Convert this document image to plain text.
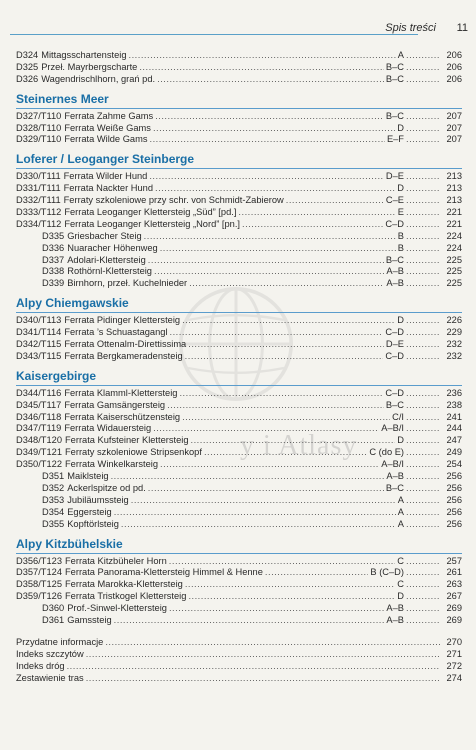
Spis treści 11
y i Atlasy
D324 Mittagsschartensteig .....	A .....	206
D325 Przeł. Mayrbergscharte .....	B–C .....	206
D326 Wagendrischlhorn, grań pd. .....	B–C .....	206
Steinernes Meer
D327/T110 Ferrata Zahme Gams .....	B–C .....	207
D328/T110 Ferrata Weiße Gams .....	D .....	207
D329/T110 Ferrata Wilde Gams .....	E–F .....	207
Loferer / Leoganger Steinberge
D330/T111 Ferrata Wilder Hund .....	D–E .....	213
D331/T111 Ferrata Nackter Hund .....	D .....	213
D332/T111 Ferraty szkoleniowe przy schr. von Schmidt-Zabierow .....	C–E .....	213
D333/T112 Ferrata Leoganger Klettersteig „Süd” [pd.] .....	E .....	221
D334/T112 Ferrata Leoganger Klettersteig „Nord” [pn.] .....	C–D .....	221
D335 Griesbacher Steig .....	B .....	224
D336 Nuaracher Höhenweg .....	B .....	224
D337 Adolari-Klettersteig .....	B–C .....	225
D338 Rothörnl-Klettersteig .....	A–B .....	225
D339 Birnhorn, przeł. Kuchelnieder .....	A–B .....	225
Alpy Chiemgawskie
D340/T113 Ferrata Pidinger Klettersteig .....	D .....	226
D341/T114 Ferrata ’s Schuastagangl .....	C–D .....	229
D342/T115 Ferrata Ottenalm-Direttissima .....	D–E .....	232
D343/T115 Ferrata Bergkameradensteig .....	C–D .....	232
Kaisergebirge
D344/T116 Ferrata Klamml-Klettersteig .....	C–D .....	236
D345/T117 Ferrata Gamsängersteig .....	B–C .....	238
D346/T118 Ferrata Kaiserschützensteig .....	C/I .....	241
D347/T119 Ferrata Widauersteig .....	A–B/I .....	244
D348/T120 Ferrata Kufsteiner Klettersteig .....	D .....	247
D349/T121 Ferraty szkoleniowe Stripsenkopf .....	C (do E) .....	249
D350/T122 Ferrata Winkelkarsteig .....	A–B/I .....	254
D351 Maiklsteig .....	A–B .....	256
D352 Ackerlspitze od pd. .....	B–C .....	256
D353 Jubiläumssteig .....	A .....	256
D354 Eggersteig .....	A .....	256
D355 Kopftörlsteig .....	A .....	256
Alpy Kitzbühelskie
D356/T123 Ferrata Kitzbüheler Horn .....	C .....	257
D357/T124 Ferrata Panorama-Klettersteig Himmel & Henne .....	B (C–D) .....	261
D358/T125 Ferrata Marokka-Klettersteig .....	C .....	263
D359/T126 Ferrata Tristkogel Klettersteig .....	D .....	267
D360 Prof.-Sinwel-Klettersteig .....	A–B .....	269
D361 Gamssteig .....	A–B .....	269
Przydatne informacje .....	270
Indeks szczytów .....	271
Indeks dróg .....	272
Zestawienie tras .....	274
